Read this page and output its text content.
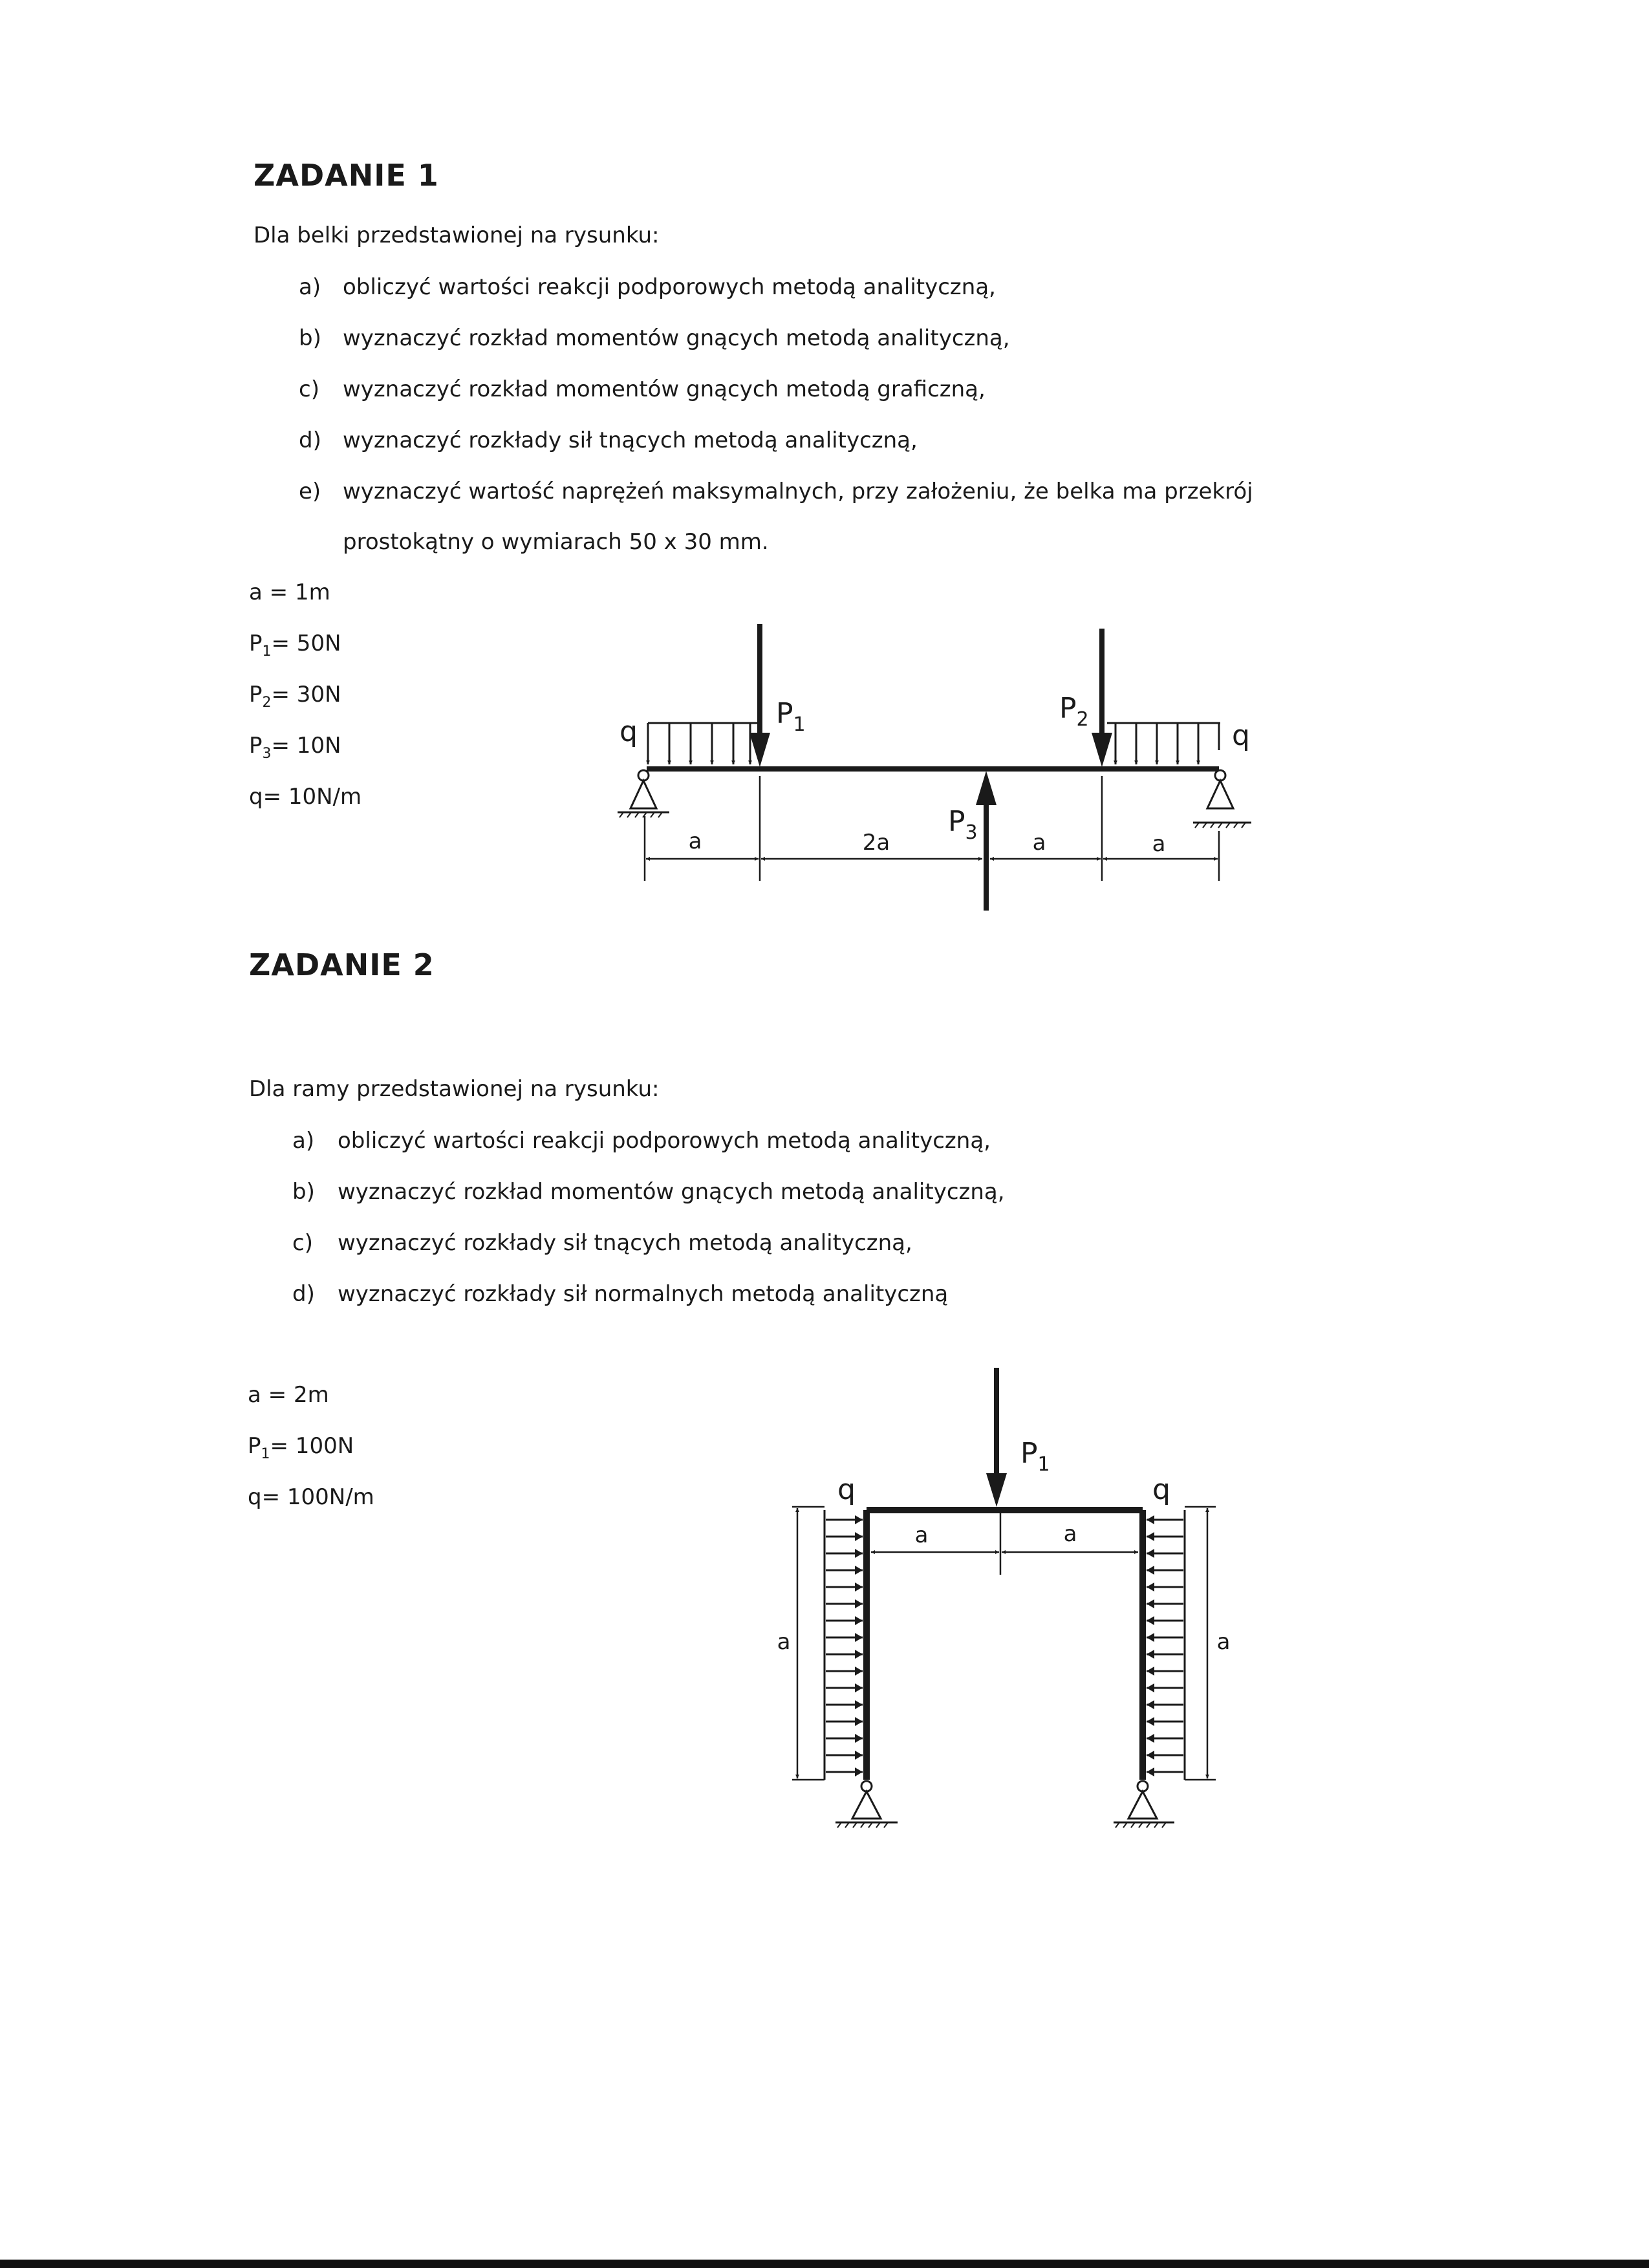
ZADANIE 1
Dla belki przedstawionej na rysunku:
a) obliczyć wartości reakcji podporowych metodą analityczną,
b) wyznaczyć rozkład momentów gnących metodą analityczną,
c) wyznaczyć rozkład momentów gnących metodą graficzną,
d) wyznaczyć rozkłady sił tnących metodą analityczną,
e) wyznaczyć wartość naprężeń maksymalnych, przy założeniu, że belka ma przekrój
prostokątny o wymiarach 50 x 30 mm.
a = 1m
$P_1= 50N$
$P_2= 30N$
$P_3= 10N$
q= 10N/m
q	q
$P_1$	$P_2$
$P_3$
a	2a	a	a
ZADANIE 2
Dla ramy przedstawionej na rysunku:
a) obliczyć wartości reakcji podporowych metodą analityczną,
b) wyznaczyć rozkład momentów gnących metodą analityczną,
c) wyznaczyć rozkłady sił tnących metodą analityczną,
d) wyznaczyć rozkłady sił normalnych metodą analityczną
a = 2m
$P_1= 100N$
q= 100N/m	q	q
$P_1$
a	a
a	a
